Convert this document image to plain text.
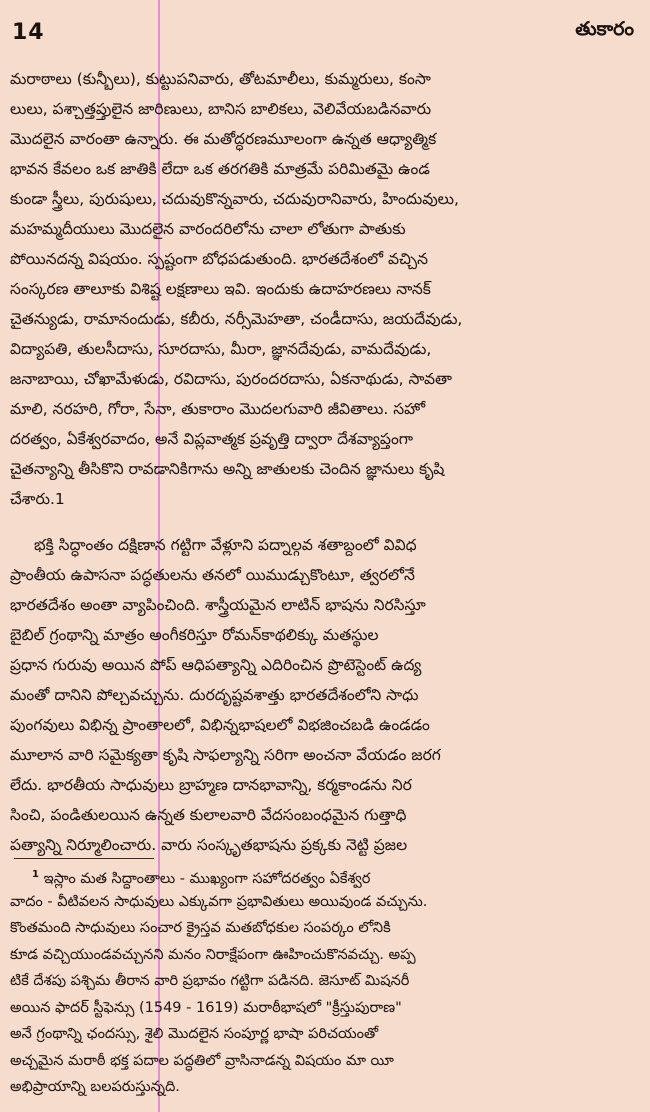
14	తుకారం
మరాఠాలు (కున్బీలు), కుట్టుపనివారు, తోటమాలీలు, కుమ్మరులు, కంసా
లులు, పశ్చాత్తప్తులైన జారిణులు, బానిస బాలికలు, వెలివేయబడినవారు
మొదలైన వారంతా ఉన్నారు. ఈ మతోద్ధరణమూలంగా ఉన్నత ఆధ్యాత్మిక
భావన కేవలం ఒక జాతికి లేదా ఒక తరగతికి మాత్రమే పరిమితమై ఉండ
కుండా స్త్రీలు, పురుషులు, చదువుకొన్నవారు, చదువురానివారు, హిందువులు,
మహమ్మదీయులు మొదలైన వారందరిలోను చాలా లోతుగా పాతుకు
పోయినదన్న విషయం. స్పష్టంగా బోధపడుతుంది. భారతదేశంలో వచ్చిన
సంస్కరణ తాలూకు విశిష్ట లక్షణాలు ఇవి. ఇందుకు ఉదాహరణలు నానక్
చైతన్యుడు, రామానందుడు, కబీరు, నర్సీమెహతా, చండీదాసు, జయదేవుడు,
విద్యాపతి, తులసీదాసు, సూరదాసు, మీరా, జ్ఞానదేవుడు, వామదేవుడు,
జనాబాయి, చోఖామేళుడు, రవిదాసు, పురందరదాసు, ఏకనాథుడు, సావతా
మాలి, నరహరి, గోరా, సేనా, తుకారాం మొదలగువారి జీవితాలు. సహో
దరత్వం, ఏకేశ్వరవాదం, అనే విప్లవాత్మక ప్రవృత్తి ద్వారా దేశవ్యాప్తంగా
చైతన్యాన్ని తీసికొని రావడానికిగాను అన్ని జాతులకు చెందిన జ్ఞానులు కృషి
చేశారు.1
భక్తి సిద్ధాంతం దక్షిణాన గట్టిగా వేళ్లూని పద్నాల్గవ శతాబ్దంలో వివిధ
ప్రాంతీయ ఉపాసనా పద్ధతులను తనలో యిముడ్చుకొంటూ, త్వరలోనే
భారతదేశం అంతా వ్యాపించింది. శాస్త్రీయమైన లాటిన్ భాషను నిరసిస్తూ
బైబిల్ గ్రంథాన్ని మాత్రం అంగీకరిస్తూ రోమన్‌కాథలిక్కు మతస్థుల
ప్రధాన గురువు అయిన పోప్ ఆధిపత్యాన్ని ఎదిరించిన ప్రొటెస్టెంట్ ఉద్య
మంతో దానిని పోల్చవచ్చును. దురదృష్టవశాత్తు భారతదేశంలోని సాధు
పుంగవులు విభిన్న ప్రాంతాలలో, విభిన్నభాషలలో విభజించబడి ఉండడం
మూలాన వారి సమైక్యతా కృషి సాఫల్యాన్ని సరిగా అంచనా వేయడం జరగ
లేదు. భారతీయ సాధువులు బ్రాహ్మణ దానభావాన్ని, కర్మకాండను నిర
సించి, పండితులయిన ఉన్నత కులాలవారి వేదసంబంధమైన గుత్తాధి
పత్యాన్ని నిర్మూలించారు. వారు సంస్కృతభాషను ప్రక్కకు నెట్టి ప్రజల
$^1$ ఇస్లాం మత సిద్ధాంతాలు - ముఖ్యంగా సహోదరత్వం ఏకేశ్వర
వాదం - వీటివలన సాధువులు ఎక్కువగా ప్రభావితులు అయివుండ వచ్చును.
కొంతమంది సాధువులు సంచార క్రైస్తవ మతబోధకుల సంపర్కం లోనికి
కూడ వచ్చియుండవచ్చునని మనం నిరాక్షేపంగా ఊహించుకొనవచ్చు. అప్ప
టికే దేశపు పశ్చిమ తీరాన వారి ప్రభావం గట్టిగా పడినది. జెసూట్ మిషనరీ
అయిన ఫాదర్ స్టీఫెన్సు (1549 - 1619) మరాఠీభాషలో "క్రీస్తుపురాణ"
అనే గ్రంథాన్ని ఛందస్సు, శైలి మొదలైన సంపూర్ణ భాషా పరిచయంతో
అచ్చమైన మరాఠీ భక్త పదాల పద్ధతిలో వ్రాసినాడన్న విషయం మా యీ
అభిప్రాయాన్ని బలపరుస్తున్నది.
